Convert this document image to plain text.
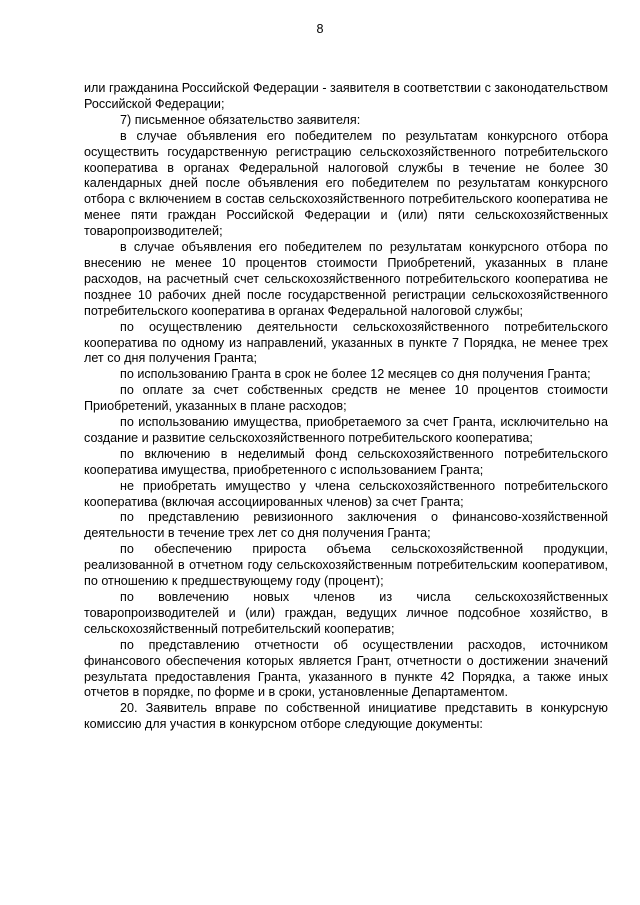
8

или гражданина Российской Федерации - заявителя в соответствии с законодательством Российской Федерации;

7) письменное обязательство заявителя:

в случае объявления его победителем по результатам конкурсного отбора осуществить государственную регистрацию сельскохозяйственного потребительского кооператива в органах Федеральной налоговой службы в течение не более 30 календарных дней после объявления его победителем по результатам конкурсного отбора с включением в состав сельскохозяйственного потребительского кооператива не менее пяти граждан Российской Федерации и (или) пяти сельскохозяйственных товаропроизводителей;

в случае объявления его победителем по результатам конкурсного отбора по внесению не менее 10 процентов стоимости Приобретений, указанных в плане расходов, на расчетный счет сельскохозяйственного потребительского кооператива не позднее 10 рабочих дней после государственной регистрации сельскохозяйственного потребительского кооператива в органах Федеральной налоговой службы;

по осуществлению деятельности сельскохозяйственного потребительского кооператива по одному из направлений, указанных в пункте 7 Порядка, не менее трех лет со дня получения Гранта;

по использованию Гранта в срок не более 12 месяцев со дня получения Гранта;

по оплате за счет собственных средств не менее 10 процентов стоимости Приобретений, указанных в плане расходов;

по использованию имущества, приобретаемого за счет Гранта, исключительно на создание и развитие сельскохозяйственного потребительского кооператива;

по включению в неделимый фонд сельскохозяйственного потребительского кооператива имущества, приобретенного с использованием Гранта;

не приобретать имущество у члена сельскохозяйственного потребительского кооператива (включая ассоциированных членов) за счет Гранта;

по представлению ревизионного заключения о финансово-хозяйственной деятельности в течение трех лет со дня получения Гранта;

по обеспечению прироста объема сельскохозяйственной продукции, реализованной в отчетном году сельскохозяйственным потребительским кооперативом, по отношению к предшествующему году (процент);

по вовлечению новых членов из числа сельскохозяйственных товаропроизводителей и (или) граждан, ведущих личное подсобное хозяйство, в сельскохозяйственный потребительский кооператив;

по представлению отчетности об осуществлении расходов, источником финансового обеспечения которых является Грант, отчетности о достижении значений результата предоставления Гранта, указанного в пункте 42 Порядка, а также иных отчетов в порядке, по форме и в сроки, установленные Департаментом.

20. Заявитель вправе по собственной инициативе представить в конкурсную комиссию для участия в конкурсном отборе следующие документы:
